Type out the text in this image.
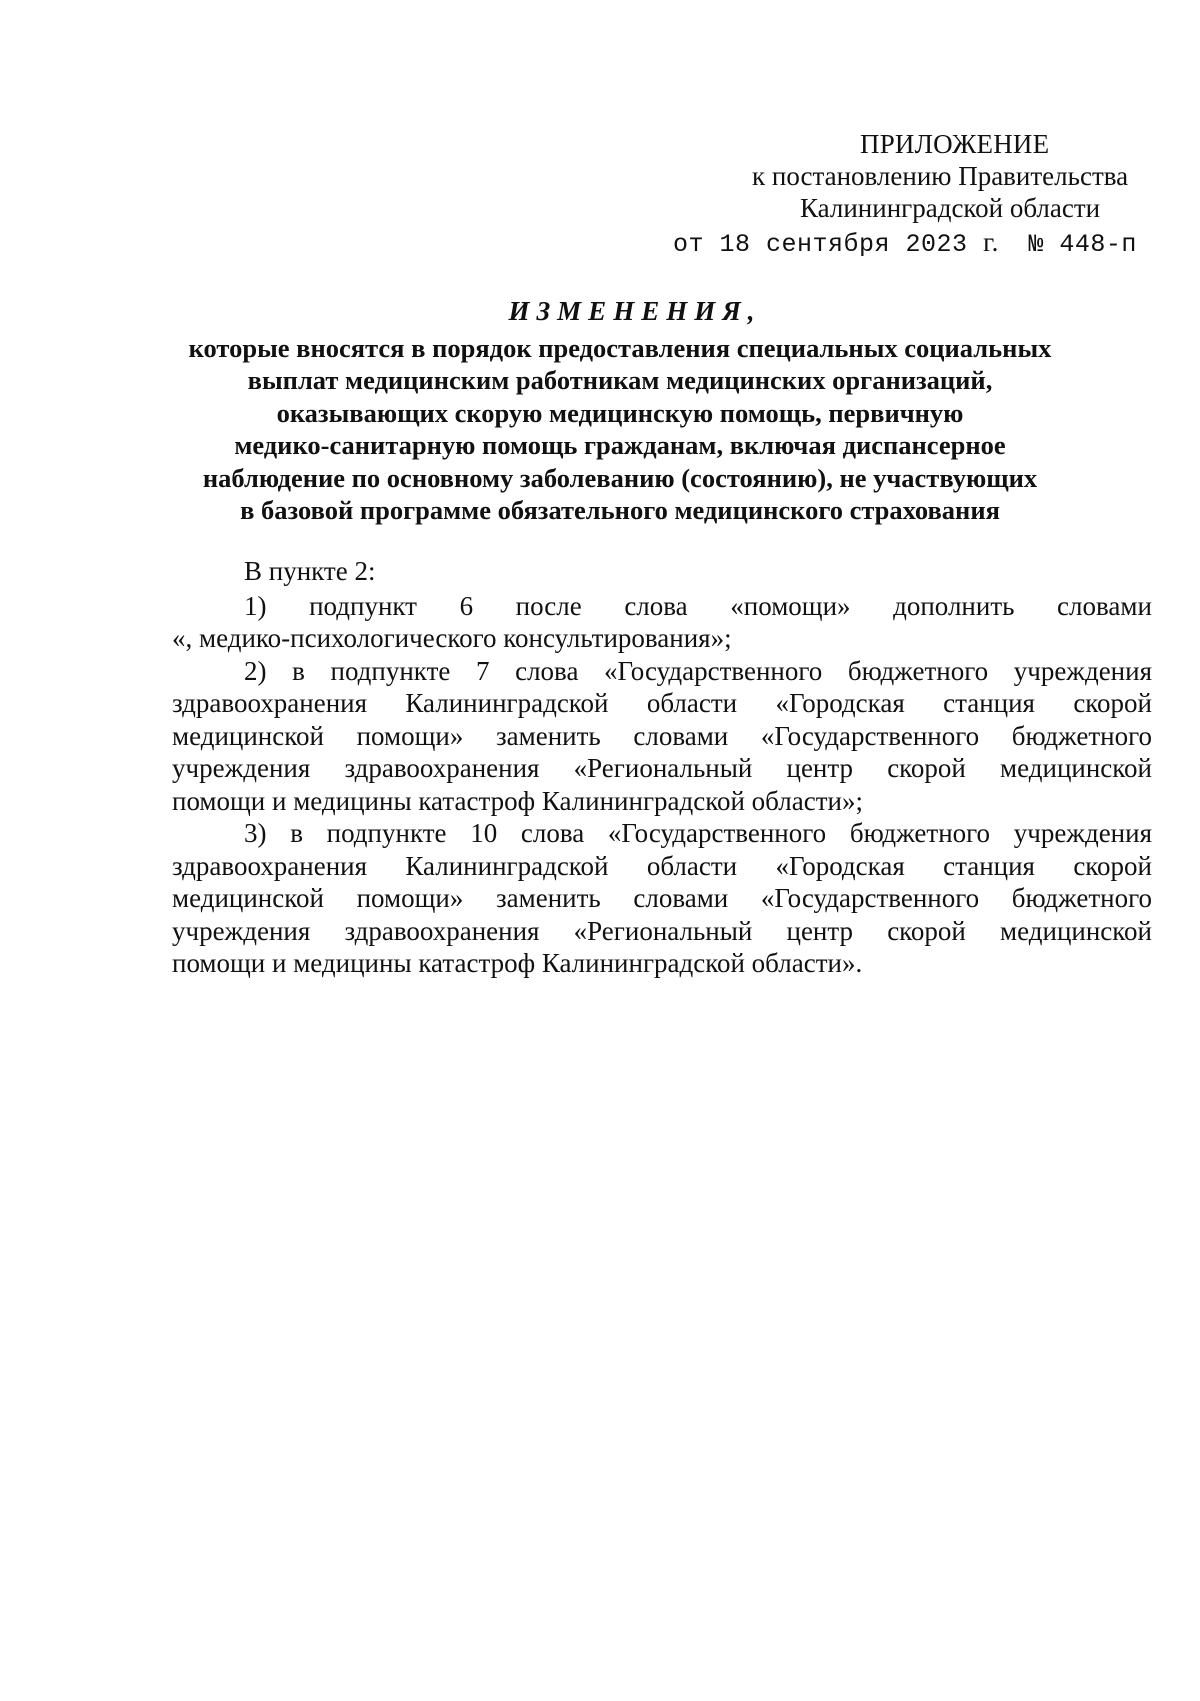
ПРИЛОЖЕНИЕ
к постановлению Правительства
Калининградской области
от 18 сентября 2023 г. № 448-п
ИЗМЕНЕНИЯ,
которые вносятся в порядок предоставления специальных социальных
выплат медицинским работникам медицинских организаций,
оказывающих скорую медицинскую помощь, первичную
медико-санитарную помощь гражданам, включая диспансерное
наблюдение по основному заболеванию (состоянию), не участвующих
в базовой программе обязательного медицинского страхования
В пункте 2:
1) подпункт 6 после слова «помощи» дополнить словами
«, медико-психологического консультирования»;
2) в подпункте 7 слова «Государственного бюджетного учреждения
здравоохранения Калининградской области «Городская станция скорой
медицинской помощи» заменить словами «Государственного бюджетного
учреждения здравоохранения «Региональный центр скорой медицинской
помощи и медицины катастроф Калининградской области»;
3) в подпункте 10 слова «Государственного бюджетного учреждения
здравоохранения Калининградской области «Городская станция скорой
медицинской помощи» заменить словами «Государственного бюджетного
учреждения здравоохранения «Региональный центр скорой медицинской
помощи и медицины катастроф Калининградской области».
